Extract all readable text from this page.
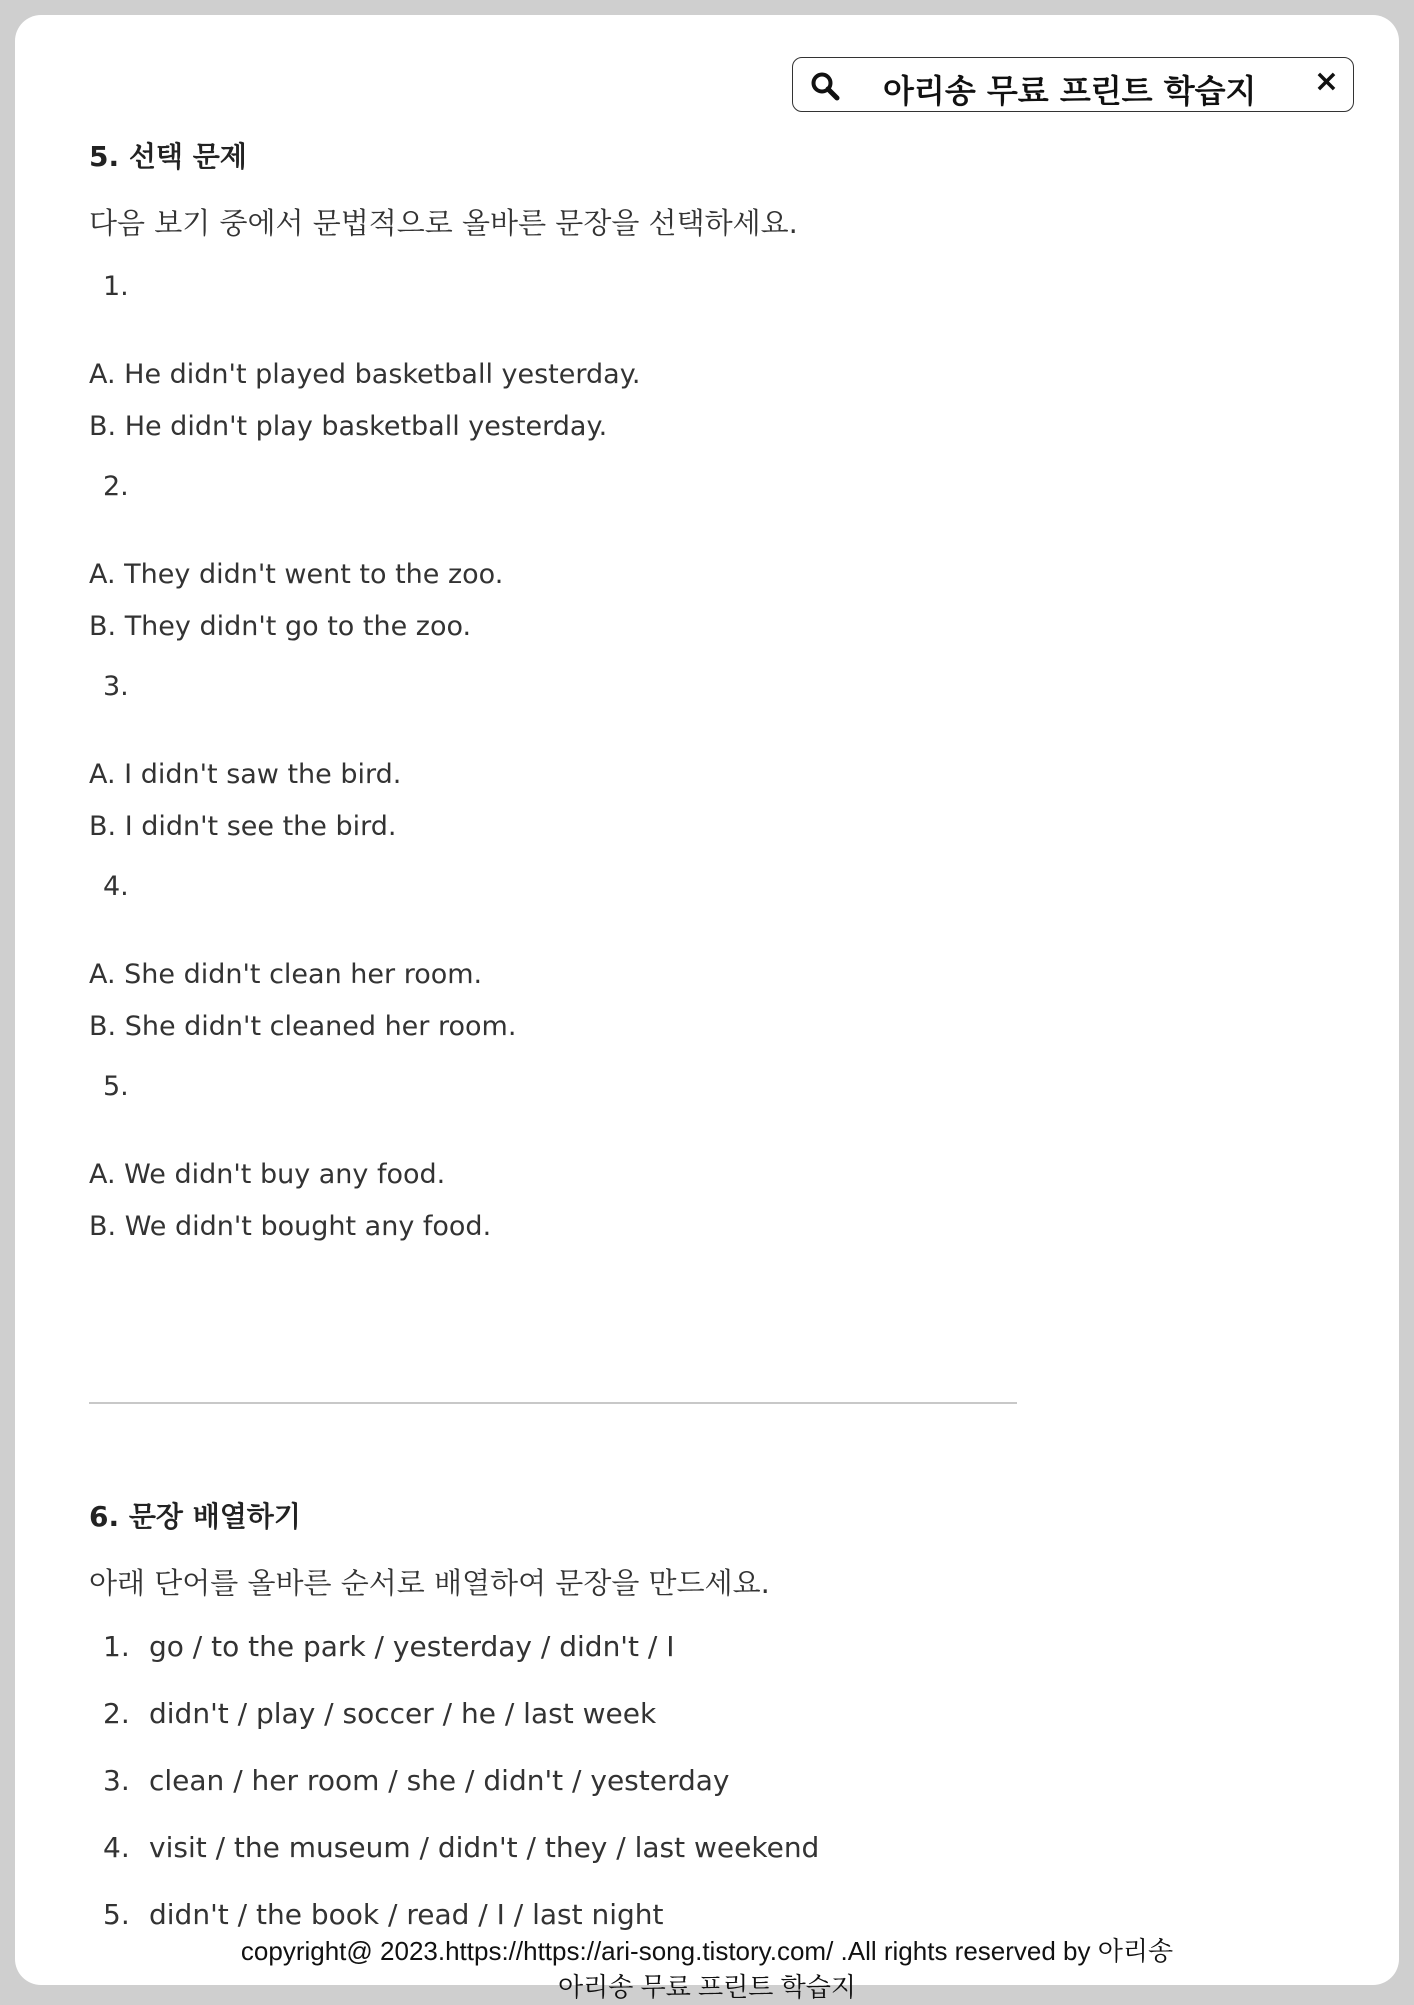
아리송 무료 프린트 학습지 ×
5. 선택 문제
다음 보기 중에서 문법적으로 올바른 문장을 선택하세요.
1.
A. He didn't played basketball yesterday.
B. He didn't play basketball yesterday.
2.
A. They didn't went to the zoo.
B. They didn't go to the zoo.
3.
A. I didn't saw the bird.
B. I didn't see the bird.
4.
A. She didn't clean her room.
B. She didn't cleaned her room.
5.
A. We didn't buy any food.
B. We didn't bought any food.
6. 문장 배열하기
아래 단어를 올바른 순서로 배열하여 문장을 만드세요.
1. go / to the park / yesterday / didn't / I
2. didn't / play / soccer / he / last week
3. clean / her room / she / didn't / yesterday
4. visit / the museum / didn't / they / last weekend
5. didn't / the book / read / I / last night
copyright@ 2023.https://https://ari-song.tistory.com/ .All rights reserved by 아리송
아리송 무료 프린트 학습지
